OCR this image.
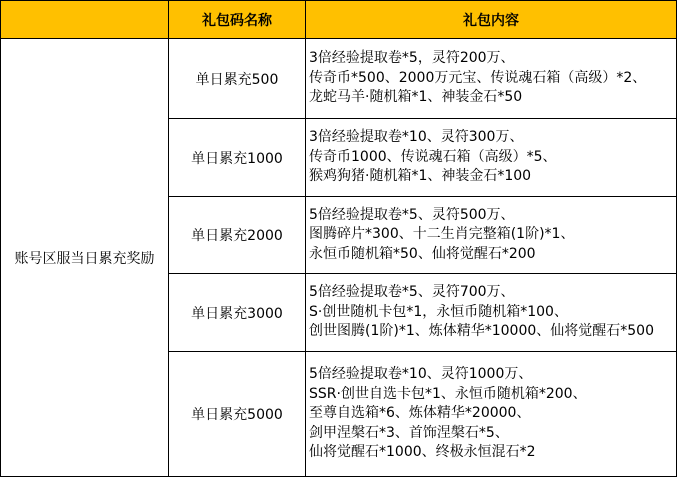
	礼包码名称	礼包内容
账号区服当日累充奖励	单日累充500	3倍经验提取卷*5，灵符200万、
传奇币*500、2000万元宝、传说魂石箱（高级）*2、
龙蛇马羊·随机箱*1、神装金石*50

	单日累充1000	3倍经验提取卷*10、灵符300万、
传奇币1000、传说魂石箱（高级）*5、
猴鸡狗猪·随机箱*1、神装金石*100

	单日累充2000	5倍经验提取卷*5、灵符500万、
图腾碎片*300、十二生肖完整箱(1阶)*1、
永恒币随机箱*50、仙将觉醒石*200

	单日累充3000	5倍经验提取卷*5、灵符700万、
S·创世随机卡包*1，永恒币随机箱*100、
创世图腾(1阶)*1、炼体精华*10000、仙将觉醒石*500

	单日累充5000	5倍经验提取卷*10、灵符1000万、
SSR·创世自选卡包*1、永恒币随机箱*200、
至尊自选箱*6、炼体精华*20000、
剑甲涅槃石*3、首饰涅槃石*5、
仙将觉醒石*1000、终极永恒混石*2
